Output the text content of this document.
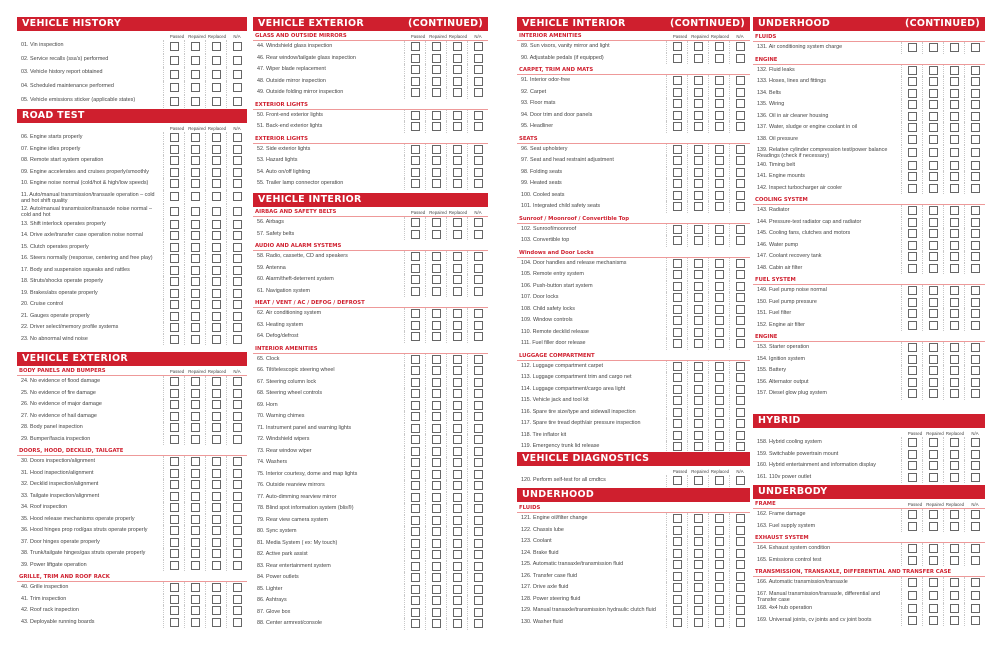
VEHICLE HISTORY
Passed Repaired Replaced	N/A
01. Vin inspection
02. Service recalls (ssa's) performed
03. Vehicle history report obtained
04. Scheduled maintenance performed
05. Vehicle emissions sticker (applicable states)
ROAD TEST
Passed Repaired Replaced	N/A
06. Engine starts properly
07. Engine idles properly
08. Remote start system operation
09. Engine accelerates and cruises properly/smoothly
10. Engine noise normal (cold/hot & high/low speeds)
11. Auto/manual transmission/transaxle operation – cold and hot shift quality
12. Auto/manual transmission/transaxle noise normal – cold and hot
13. Shift interlock operates properly
14. Drive axle/transfer case operation noise normal
15. Clutch operates properly
16. Steers normally (response, centering and free play)
17. Body and suspension squeaks and rattles
18. Struts/shocks operate properly
19. Brakes/abs operate properly
20. Cruise control
21. Gauges operate properly
22. Driver select/memory profile systems
23. No abnormal wind noise
VEHICLE EXTERIOR
BODY PANELS AND BUMPERS	Passed Repaired Replaced	N/A
24. No evidence of flood damage
25. No evidence of fire damage
26. No evidence of major damage
27. No evidence of hail damage
28. Body panel inspection
29. Bumper/fascia inspection
DOORS, HOOD, DECKLID, TAILGATE
30. Doors inspection/alignment
31. Hood inspection/alignment
32. Decklid inspection/alignment
33. Tailgate inspection/alignment
34. Roof inspection
35. Hood release mechanisms operate properly
36. Hood hinges prop rod/gas struts operate properly
37. Door hinges operate properly
38. Trunk/tailgate hinges/gas struts operate properly
39. Power liftgate operation
GRILLE, TRIM AND ROOF RACK
40. Grille inspection
41. Trim inspection
42. Roof rack inspection
43. Deployable running boards
VEHICLE EXTERIOR	(CONTINUED)
GLASS AND OUTSIDE MIRRORS	Passed Repaired Replaced	N/A
44. Windshield glass inspection
46. Rear window/tailgate glass inspection
47. Wiper blade replacement
48. Outside mirror inspection
49. Outside folding mirror inspection
EXTERIOR LIGHTS
50. Front-end exterior lights
51. Back-end exterior lights
EXTERIOR LIGHTS
52. Side exterior lights
53. Hazard lights
54. Auto on/off lighting
55. Trailer lamp connector operation
VEHICLE INTERIOR
AIRBAG AND SAFETY BELTS	Passed Repaired Replaced	N/A
56. Airbags
57. Safety belts
AUDIO AND ALARM SYSTEMS
58. Radio, cassette, CD and speakers
59. Antenna
60. Alarm/theft-deterrent system
61. Navigation system
HEAT / VENT / AC / DEFOG / DEFROST
62. Air conditioning system
63. Heating system
64. Defog/defrost
INTERIOR AMENITIES
65. Clock
66. Tilt/telescopic steering wheel
67. Steering column lock
68. Steering wheel controls
69. Horn
70. Warning chimes
71. Instrument panel and warning lights
72. Windshield wipers
73. Rear window wiper
74. Washers
75. Interior courtesy, dome and map lights
76. Outside rearview mirrors
77. Auto-dimming rearview mirror
78. Blind spot information system (blis®)
79. Rear view camera system
80. Sync system
81. Media System ( ex: My touch)
82. Active park assist
83. Rear entertainment system
84. Power outlets
85. Lighter
86. Ashtrays
87. Glove box
88. Center armrest/console
VEHICLE INTERIOR	(CONTINUED)
INTERIOR AMENITIES	Passed Repaired Replaced	N/A
89. Sun visors, vanity mirror and light
90. Adjustable pedals (if equipped)
CARPET, TRIM AND MATS
91. Interior odor-free
92. Carpet
93. Floor mats
94. Door trim and door panels
95. Headliner
SEATS
96. Seat upholstery
97. Seat and head restraint adjustment
98. Folding seats
99. Heated seats
100. Cooled seats
101. Integrated child safety seats
Sunroof / Moonroof / Convertible Top
102. Sunroof/moonroof
103. Convertible top
Windows and Door Locks
104. Door handles and release mechanisms
105. Remote entry system
106. Push-button start system
107. Door locks
108. Child safety locks
109. Window controls
110. Remote decklid release
111. Fuel filler door release
LUGGAGE COMPARTMENT
112. Luggage compartment carpet
113. Luggage compartment trim and cargo net
114. Luggage compartment/cargo area light
115. Vehicle jack and tool kit
116. Spare tire size/type and sidewall inspection
117. Spare tire tread depth/air pressure inspection
118. Tire inflator kit
119. Emergency trunk lid release
VEHICLE DIAGNOSTICS
Passed Repaired Replaced	N/A
120. Perform self-test for all cmdtcs
UNDERHOOD
FLUIDS
121. Engine oil/filter change
122. Chassis lube
123. Coolant
124. Brake fluid
125. Automatic transaxle/transmission fluid
126. Transfer case fluid
127. Drive axle fluid
128. Power steering fluid
129. Manual transaxle/transmission hydraulic clutch fluid
130. Washer fluid
UNDERHOOD	(CONTINUED)
FLUIDS
131. Air conditioning system charge
ENGINE
132. Fluid leaks
133. Hoses, lines and fittings
134. Belts
135. Wiring
136. Oil in air cleaner housing
137. Water, sludge or engine coolant in oil
138. Oil pressure
139. Relative cylinder compression test/power balance Readings (check if necessary)
140. Timing belt
141. Engine mounts
142. Inspect turbocharger air cooler
COOLING SYSTEM
143. Radiator
144. Pressure-test radiator cap and radiator
145. Cooling fans, clutches and motors
146. Water pump
147. Coolant recovery tank
148. Cabin air filter
FUEL SYSTEM
149. Fuel pump noise normal
150. Fuel pump pressure
151. Fuel filter
152. Engine air filter
ENGINE
153. Starter operation
154. Ignition system
155. Battery
156. Alternator output
157. Diesel glow plug system
HYBRID
Passed Repaired Replaced	N/A
158. Hybrid cooling system
159. Switchable powertrain mount
160. Hybrid entertainment and information display
161. 110v power outlet
UNDERBODY
FRAME	Passed Repaired Replaced	N/A
162. Frame damage
163. Fuel supply system
EXHAUST SYSTEM
164. Exhaust system condition
165. Emissions control test
TRANSMISSION, TRANSAXLE, DIFFERENTIAL AND TRANSFER CASE
166. Automatic transmission/transaxle
167. Manual transmission/transaxle, differential and Transfer case
168. 4x4 hub operation
169. Universal joints, cv joints and cv joint boots
